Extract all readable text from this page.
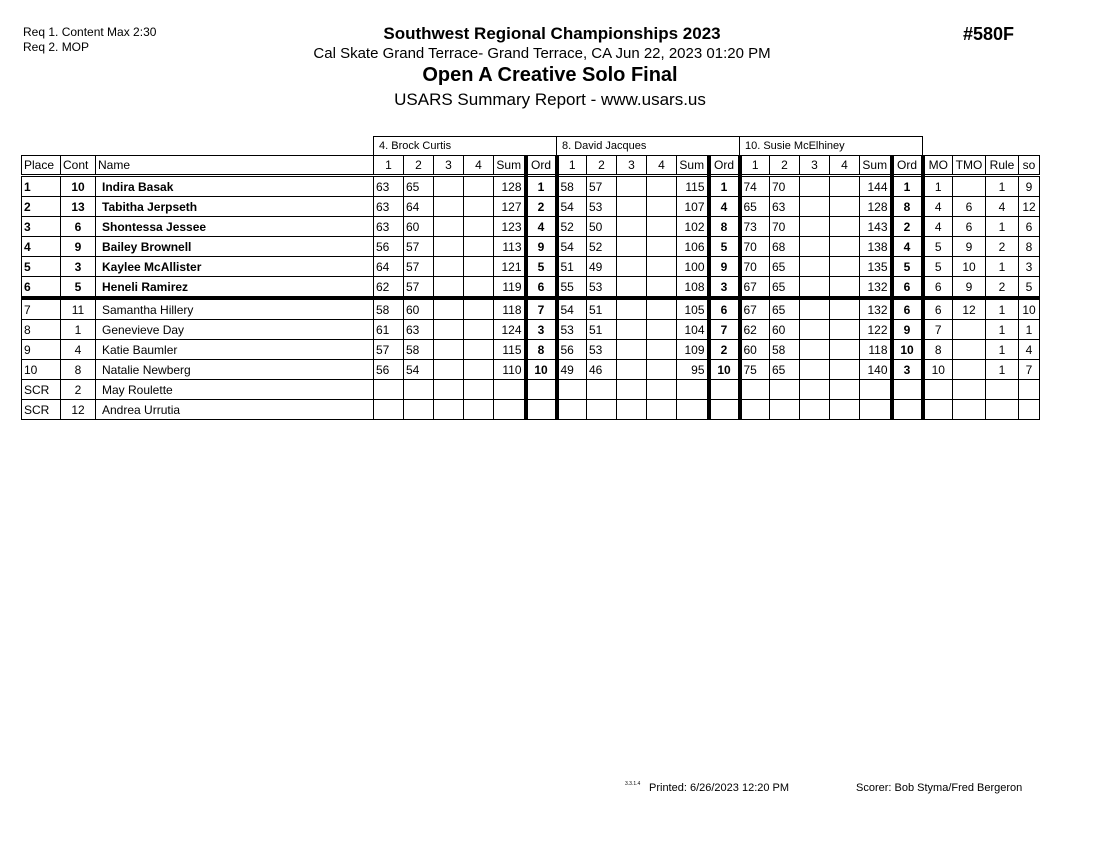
Req 1. Content Max 2:30
Req 2. MOP
Southwest Regional Championships 2023
Cal Skate Grand Terrace- Grand Terrace, CA Jun 22, 2023 01:20 PM
Open A Creative Solo Final
USARS Summary Report - www.usars.us
#580F
			4. Brock Curtis						8. David Jacques						10. Susie McElhiney									
Place	Cont	Name	1	2	3	4	Sum	Ord	1	2	3	4	Sum	Ord	1	2	3	4	Sum	Ord	MO	TMO	Rule	so
1	10	Indira Basak	63	65			128	1	58	57			115	1	74	70			144	1	1		1	9
2	13	Tabitha Jerpseth	63	64			127	2	54	53			107	4	65	63			128	8	4	6	4	12
3	6	Shontessa Jessee	63	60			123	4	52	50			102	8	73	70			143	2	4	6	1	6
4	9	Bailey Brownell	56	57			113	9	54	52			106	5	70	68			138	4	5	9	2	8
5	3	Kaylee McAllister	64	57			121	5	51	49			100	9	70	65			135	5	5	10	1	3
6	5	Heneli Ramirez	62	57			119	6	55	53			108	3	67	65			132	6	6	9	2	5
7	11	Samantha Hillery	58	60			118	7	54	51			105	6	67	65			132	6	6	12	1	10
8	1	Genevieve Day	61	63			124	3	53	51			104	7	62	60			122	9	7		1	1
9	4	Katie Baumler	57	58			115	8	56	53			109	2	60	58			118	10	8		1	4
10	8	Natalie Newberg	56	54			110	10	49	46			95	10	75	65			140	3	10		1	7
SCR	2	May Roulette																						
SCR	12	Andrea Urrutia																						
3.3.1.4 Printed: 6/26/2023 12:20 PM	Scorer: Bob Styma/Fred Bergeron
